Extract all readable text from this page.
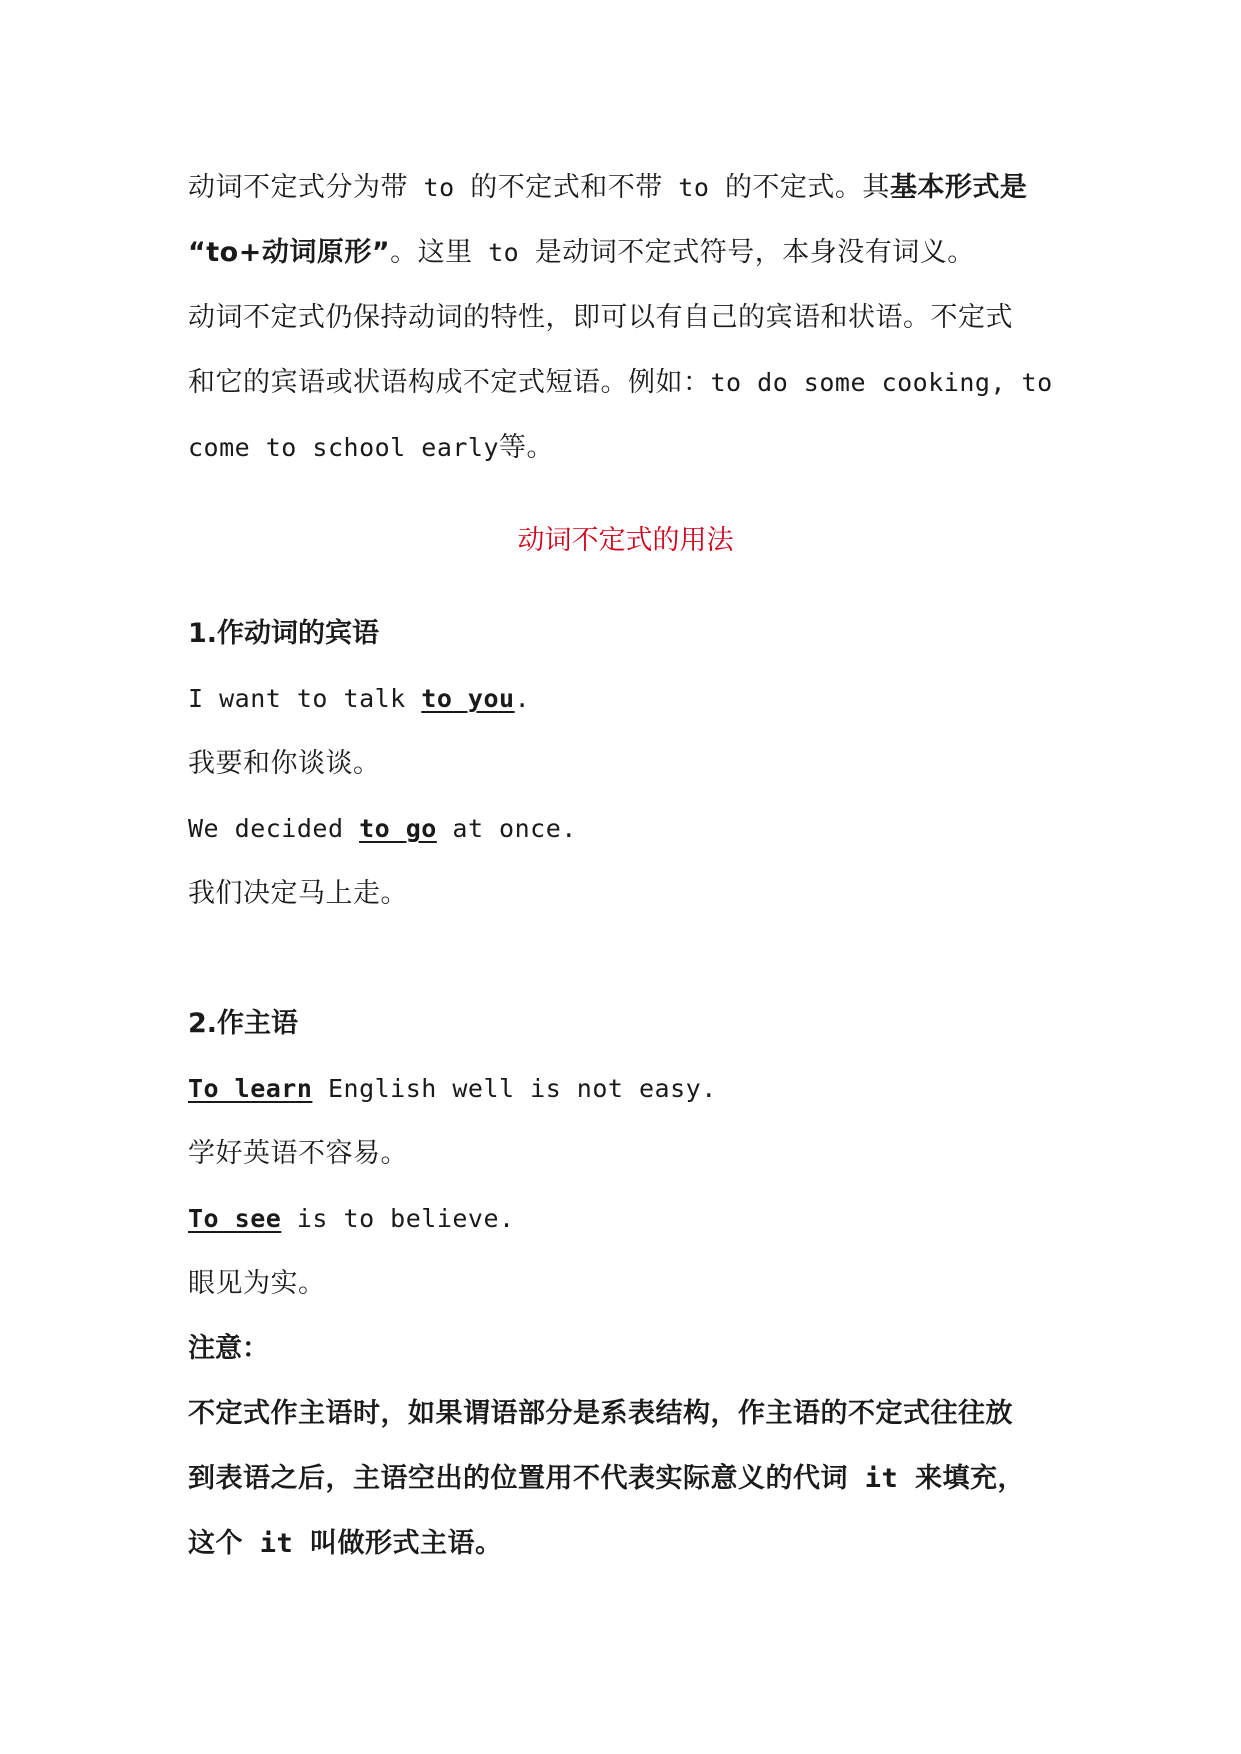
动词不定式分为带 to 的不定式和不带 to 的不定式。其基本形式是
“to+动词原形”。这里 to 是动词不定式符号，本身没有词义。
动词不定式仍保持动词的特性，即可以有自己的宾语和状语。不定式
和它的宾语或状语构成不定式短语。例如：to do some cooking, to
come to school early等。
动词不定式的用法
1.作动词的宾语
I want to talk to you.
我要和你谈谈。
We decided to go at once.
我们决定马上走。
2.作主语
To learn English well is not easy.
学好英语不容易。
To see is to believe.
眼见为实。
注意：
不定式作主语时，如果谓语部分是系表结构，作主语的不定式往往放
到表语之后，主语空出的位置用不代表实际意义的代词 it 来填充，
这个 it 叫做形式主语。
